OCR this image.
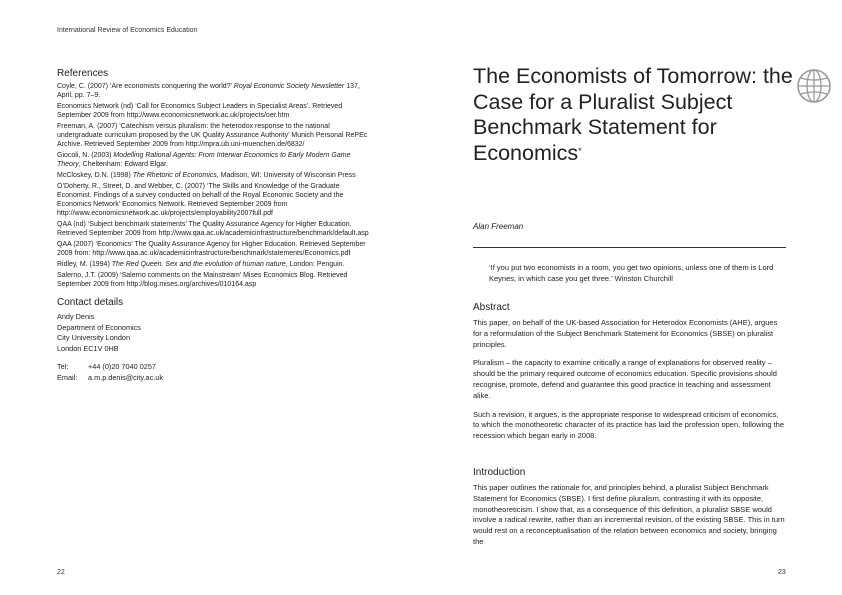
International Review of Economics Education
References
Coyle, C. (2007) ‘Are economists conquering the world?’ Royal Economic Society Newsletter 137, April, pp. 7–9.
Economics Network (nd) ‘Call for Economics Subject Leaders in Specialist Areas’. Retrieved September 2009 from http://www.economicsnetwork.ac.uk/projects/oer.htm
Freeman, A. (2007) ‘Catechism versus pluralism: the heterodox response to the national undergraduate curriculum proposed by the UK Quality Assurance Authority’ Munich Personal RePEc Archive. Retrieved September 2009 from http://mpra.ub.uni-muenchen.de/6832/
Giocoli, N. (2003) Modelling Rational Agents: From Interwar Economics to Early Modern Game Theory, Cheltenham: Edward Elgar.
McCloskey, D.N. (1998) The Rhetoric of Economics, Madison, WI: University of Wisconsin Press
O’Doherty, R., Street, D. and Webber, C. (2007) ‘The Skills and Knowledge of the Graduate Economist. Findings of a survey conducted on behalf of the Royal Economic Society and the Economics Network’ Economics Network. Retrieved September 2009 from http://www.economicsnetwork.ac.uk/projects/employability2007full.pdf
QAA (nd) ‘Subject benchmark statements’ The Quality Assurance Agency for Higher Education. Retrieved September 2009 from http://www.qaa.ac.uk/academicinfrastructure/benchmark/default.asp
QAA (2007) ‘Economics’ The Quality Assurance Agency for Higher Education. Retrieved September 2009 from: http://www.qaa.ac.uk/academicinfrastructure/benchmark/statements/Economics.pdf
Ridley, M. (1994) The Red Queen. Sex and the evolution of human nature, London: Penguin.
Salerno, J.T. (2009) ‘Salerno comments on the Mainstream’ Mises Economics Blog. Retrieved September 2009 from http://blog.mises.org/archives/010164.asp
Contact details
Andy Denis
Department of Economics
City University London
London EC1V 0HB
Tel:	+44 (0)20 7040 0257
Email:	a.m.p.denis@city.ac.uk
22
The Economists of Tomorrow: the Case for a Pluralist Subject Benchmark Statement for Economics*
Alan Freeman
‘If you put two economists in a room, you get two opinions, unless one of them is Lord Keynes, in which case you get three.’ Winston Churchill
Abstract

This paper, on behalf of the UK-based Association for Heterodox Economists (AHE), argues for a reformulation of the Subject Benchmark Statement for Economics (SBSE) on pluralist principles.

Pluralism – the capacity to examine critically a range of explanations for observed reality – should be the primary required outcome of economics education. Specific provisions should recognise, promote, defend and guarantee this good practice in teaching and assessment alike.

Such a revision, it argues, is the appropriate response to widespread criticism of economics, to which the monotheoretic character of its practice has laid the profession open, following the recession which began early in 2008.

Introduction

This paper outlines the rationale for, and principles behind, a pluralist Subject Benchmark Statement for Economics (SBSE). I first define pluralism, contrasting it with its opposite, monotheoreticism. I show that, as a consequence of this definition, a pluralist SBSE would involve a radical rewrite, rather than an incremental revision, of the existing SBSE. This in turn would rest on a reconceptualisation of the relation between economics and society, bringing the

23
